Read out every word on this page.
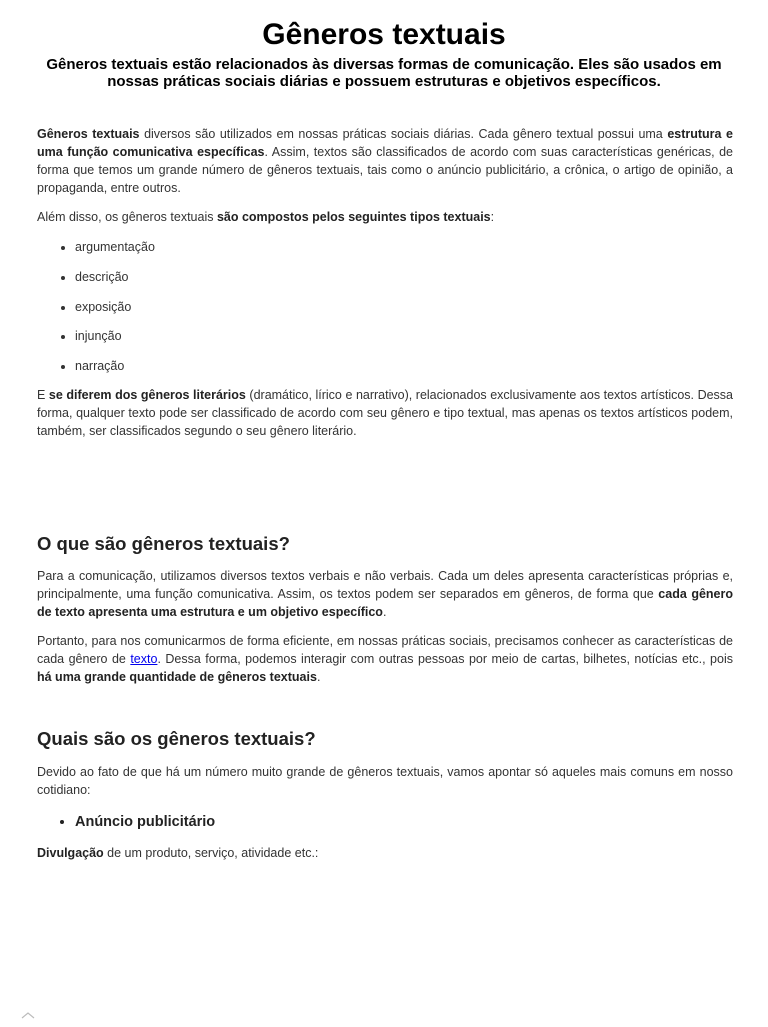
Gêneros textuais

Gêneros textuais estão relacionados às diversas formas de comunicação. Eles são usados em nossas práticas sociais diárias e possuem estruturas e objetivos específicos.

Gêneros textuais diversos são utilizados em nossas práticas sociais diárias. Cada gênero textual possui uma estrutura e uma função comunicativa específicas. Assim, textos são classificados de acordo com suas características genéricas, de forma que temos um grande número de gêneros textuais, tais como o anúncio publicitário, a crônica, o artigo de opinião, a propaganda, entre outros.

Além disso, os gêneros textuais são compostos pelos seguintes tipos textuais:

• argumentação
• descrição
• exposição
• injunção
• narração

E se diferem dos gêneros literários (dramático, lírico e narrativo), relacionados exclusivamente aos textos artísticos. Dessa forma, qualquer texto pode ser classificado de acordo com seu gênero e tipo textual, mas apenas os textos artísticos podem, também, ser classificados segundo o seu gênero literário.

O que são gêneros textuais?

Para a comunicação, utilizamos diversos textos verbais e não verbais. Cada um deles apresenta características próprias e, principalmente, uma função comunicativa. Assim, os textos podem ser separados em gêneros, de forma que cada gênero de texto apresenta uma estrutura e um objetivo específico.

Portanto, para nos comunicarmos de forma eficiente, em nossas práticas sociais, precisamos conhecer as características de cada gênero de texto. Dessa forma, podemos interagir com outras pessoas por meio de cartas, bilhetes, notícias etc., pois há uma grande quantidade de gêneros textuais.

Quais são os gêneros textuais?

Devido ao fato de que há um número muito grande de gêneros textuais, vamos apontar só aqueles mais comuns em nosso cotidiano:

• Anúncio publicitário

Divulgação de um produto, serviço, atividade etc.:
